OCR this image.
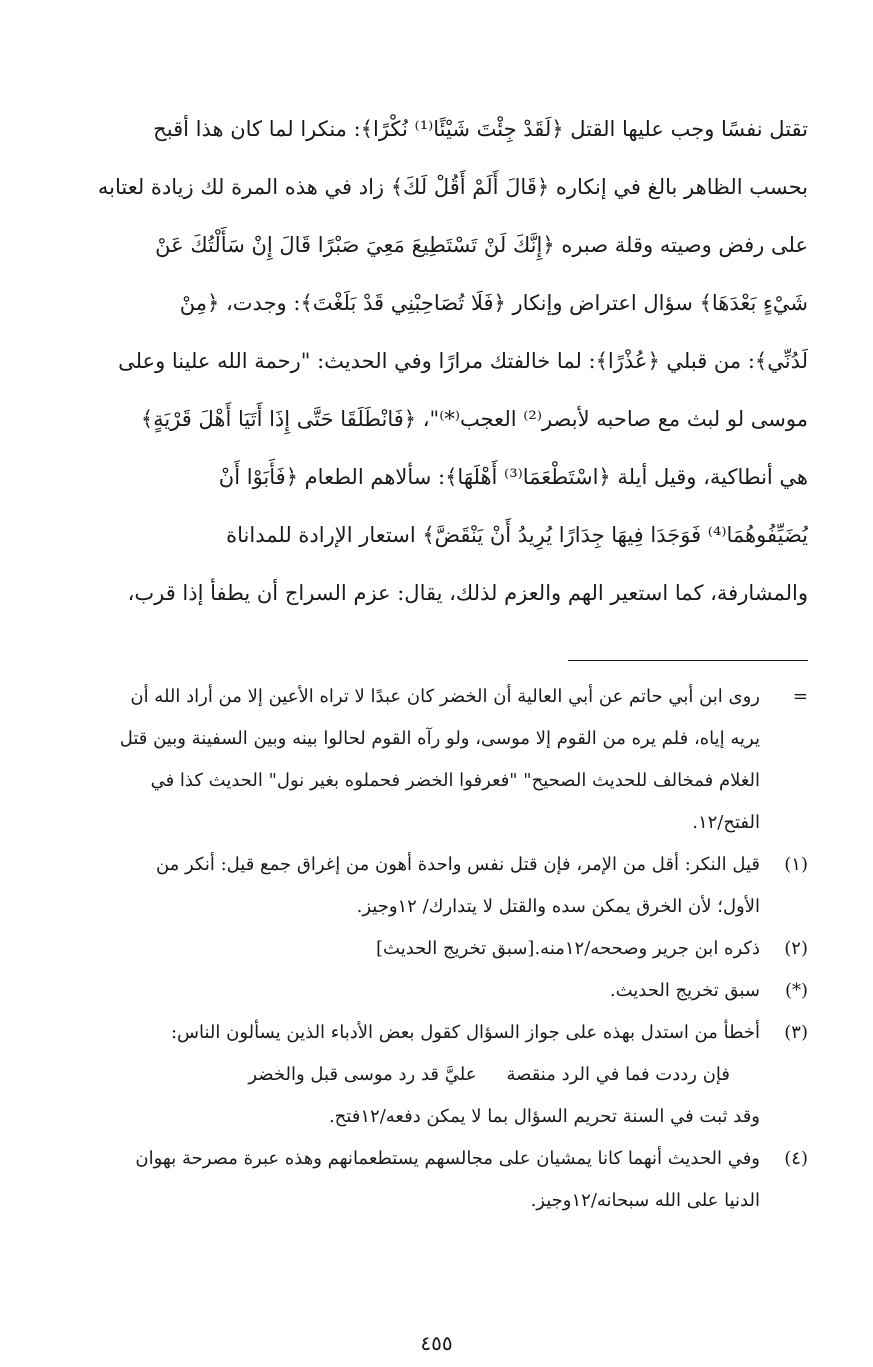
تقتل نفسًا وجب عليها القتل ﴿لَقَدْ جِئْتَ شَيْئًا⁽¹⁾ نُكْرًا﴾: منكرا لما كان هذا أقبح
بحسب الظاهر بالغ في إنكاره ﴿قَالَ أَلَمْ أَقُلْ لَكَ﴾ زاد في هذه المرة لك زيادة لعتابه
على رفض وصيته وقلة صبره ﴿إِنَّكَ لَنْ تَسْتَطِيعَ مَعِيَ صَبْرًا قَالَ إِنْ سَأَلْتُكَ عَنْ
شَيْءٍ بَعْدَهَا﴾ سؤال اعتراض وإنكار ﴿فَلَا تُصَاحِبْنِي قَدْ بَلَغْتَ﴾: وجدت، ﴿مِنْ
لَدُنِّي﴾: من قبلي ﴿عُذْرًا﴾: لما خالفتك مرارًا وفي الحديث: "رحمة الله علينا وعلى
موسى لو لبث مع صاحبه لأبصر⁽²⁾ العجب⁽*⁾"، ﴿فَانْطَلَقَا حَتَّى إِذَا أَتَيَا أَهْلَ قَرْيَةٍ﴾
هي أنطاكية، وقيل أيلة ﴿اسْتَطْعَمَا⁽³⁾ أَهْلَهَا﴾: سألاهم الطعام ﴿فَأَبَوْا أَنْ
يُضَيِّفُوهُمَا⁽⁴⁾ فَوَجَدَا فِيهَا جِدَارًا يُرِيدُ أَنْ يَنْقَضَّ﴾ استعار الإرادة للمداناة
والمشارفة، كما استعير الهم والعزم لذلك، يقال: عزم السراج أن يطفأ إذا قرب،
=
روى ابن أبي حاتم عن أبي العالية أن الخضر كان عبدًا لا تراه الأعين إلا من أراد الله أن
يريه إياه، فلم يره من القوم إلا موسى، ولو رآه القوم لحالوا بينه وبين السفينة وبين قتل
الغلام فمخالف للحديث الصحيح" "فعرفوا الخضر فحملوه بغير نول" الحديث كذا في
الفتح/١٢.
(١)
قيل النكر: أقل من الإمر، فإن قتل نفس واحدة أهون من إغراق جمع قيل: أنكر من
الأول؛ لأن الخرق يمكن سده والقتل لا يتدارك/ ١٢وجيز.
(٢)
ذكره ابن جرير وصححه/١٢منه.[سبق تخريج الحديث]
(*)
سبق تخريج الحديث.
(٣)
أخطأ من استدل بهذه على جواز السؤال كقول بعض الأدباء الذين يسألون الناس:
فإن رددت فما في الرد منقصةعليَّ قد رد موسى قبل والخضر
وقد ثبت في السنة تحريم السؤال بما لا يمكن دفعه/١٢فتح.
(٤)
وفي الحديث أنهما كانا يمشيان على مجالسهم يستطعمانهم وهذه عبرة مصرحة بهوان
الدنيا على الله سبحانه/١٢وجيز.
٤٥٥
